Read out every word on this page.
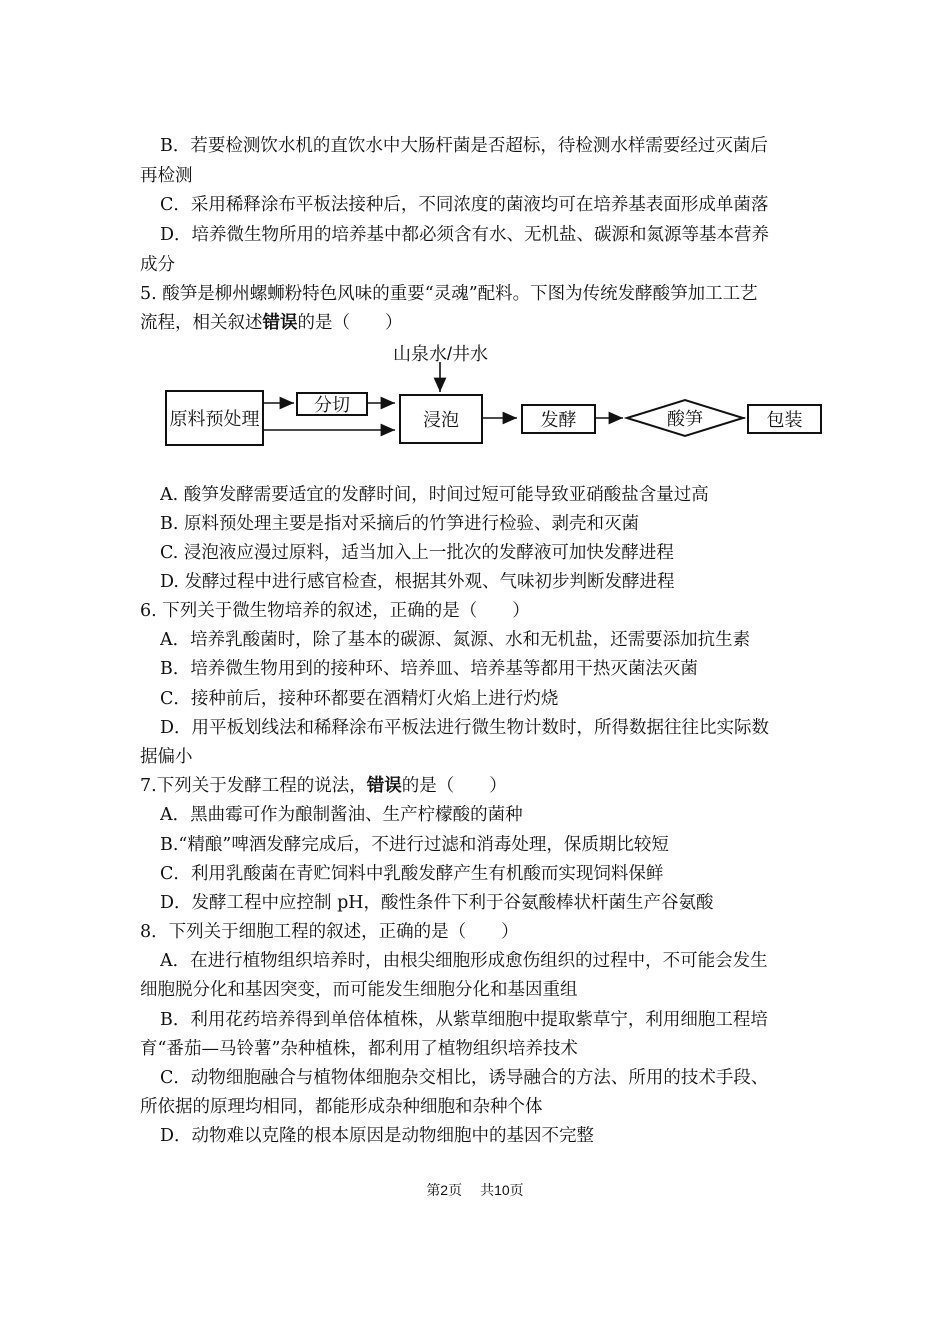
B．若要检测饮水机的直饮水中大肠杆菌是否超标，待检测水样需要经过灭菌后
再检测
C．采用稀释涂布平板法接种后，不同浓度的菌液均可在培养基表面形成单菌落
D．培养微生物所用的培养基中都必须含有水、无机盐、碳源和氮源等基本营养
成分
5. 酸笋是柳州螺蛳粉特色风味的重要“灵魂”配料。下图为传统发酵酸笋加工工艺
流程，相关叙述错误的是（　　）
山泉水/井水
原料预处理
分切
浸泡	发酵	酸笋	包装
A. 酸笋发酵需要适宜的发酵时间，时间过短可能导致亚硝酸盐含量过高
B. 原料预处理主要是指对采摘后的竹笋进行检验、剥壳和灭菌
C. 浸泡液应漫过原料，适当加入上一批次的发酵液可加快发酵进程
D. 发酵过程中进行感官检查，根据其外观、气味初步判断发酵进程
6. 下列关于微生物培养的叙述，正确的是（　　）
A．培养乳酸菌时，除了基本的碳源、氮源、水和无机盐，还需要添加抗生素
B．培养微生物用到的接种环、培养皿、培养基等都用干热灭菌法灭菌
C．接种前后，接种环都要在酒精灯火焰上进行灼烧
D．用平板划线法和稀释涂布平板法进行微生物计数时，所得数据往往比实际数
据偏小
7.下列关于发酵工程的说法，错误的是（　　）
A．黑曲霉可作为酿制酱油、生产柠檬酸的菌种
B.“精酿”啤酒发酵完成后，不进行过滤和消毒处理，保质期比较短
C．利用乳酸菌在青贮饲料中乳酸发酵产生有机酸而实现饲料保鲜
D．发酵工程中应控制 pH，酸性条件下利于谷氨酸棒状杆菌生产谷氨酸
8．下列关于细胞工程的叙述，正确的是（　　）
A．在进行植物组织培养时，由根尖细胞形成愈伤组织的过程中，不可能会发生
细胞脱分化和基因突变，而可能发生细胞分化和基因重组
B．利用花药培养得到单倍体植株，从紫草细胞中提取紫草宁，利用细胞工程培
育“番茄—马铃薯”杂种植株，都利用了植物组织培养技术
C．动物细胞融合与植物体细胞杂交相比，诱导融合的方法、所用的技术手段、
所依据的原理均相同，都能形成杂种细胞和杂种个体
D．动物难以克隆的根本原因是动物细胞中的基因不完整
第2页 共10页
